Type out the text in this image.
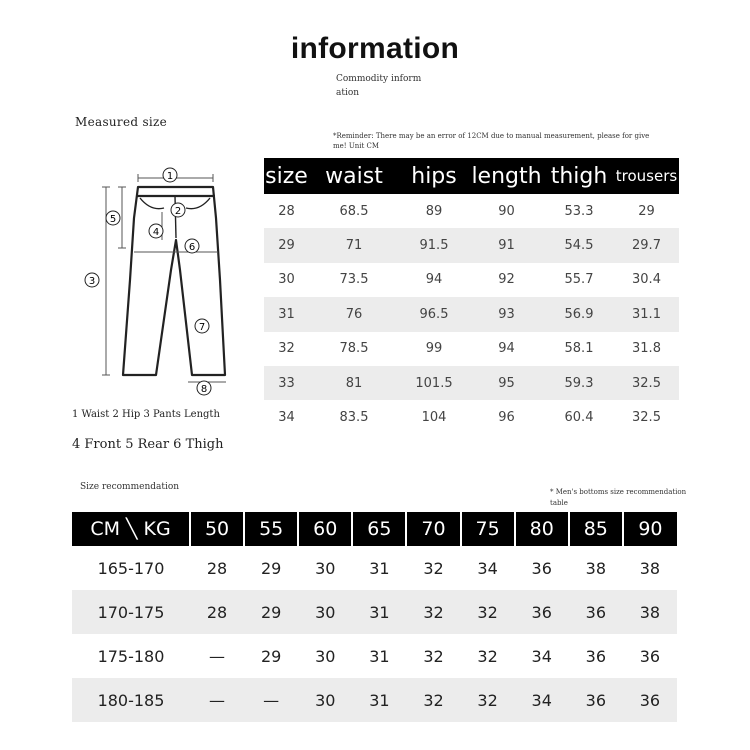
information
Commodity information
Measured size
*Reminder: There may be an error of 12CM due to manual measurement, please for give me! Unit CM
1
2
3
4
5
6
7
8
1 Waist 2 Hip 3 Pants Length
4 Front 5 Rear 6 Thigh
size	waist	hips	length	thigh	trousers
28	68.5	89	90	53.3	29
29	71	91.5	91	54.5	29.7
30	73.5	94	92	55.7	30.4
31	76	96.5	93	56.9	31.1
32	78.5	99	94	58.1	31.8
33	81	101.5	95	59.3	32.5
34	83.5	104	96	60.4	32.5
Size recommendation	* Men's bottoms size recommendation table
CM ╲ KG	50	55	60	65	70	75	80	85	90
165-170	28	29	30	31	32	34	36	38	38
170-175	28	29	30	31	32	32	36	36	38
175-180	—	29	30	31	32	32	34	36	36
180-185	—	—	30	31	32	32	34	36	36
